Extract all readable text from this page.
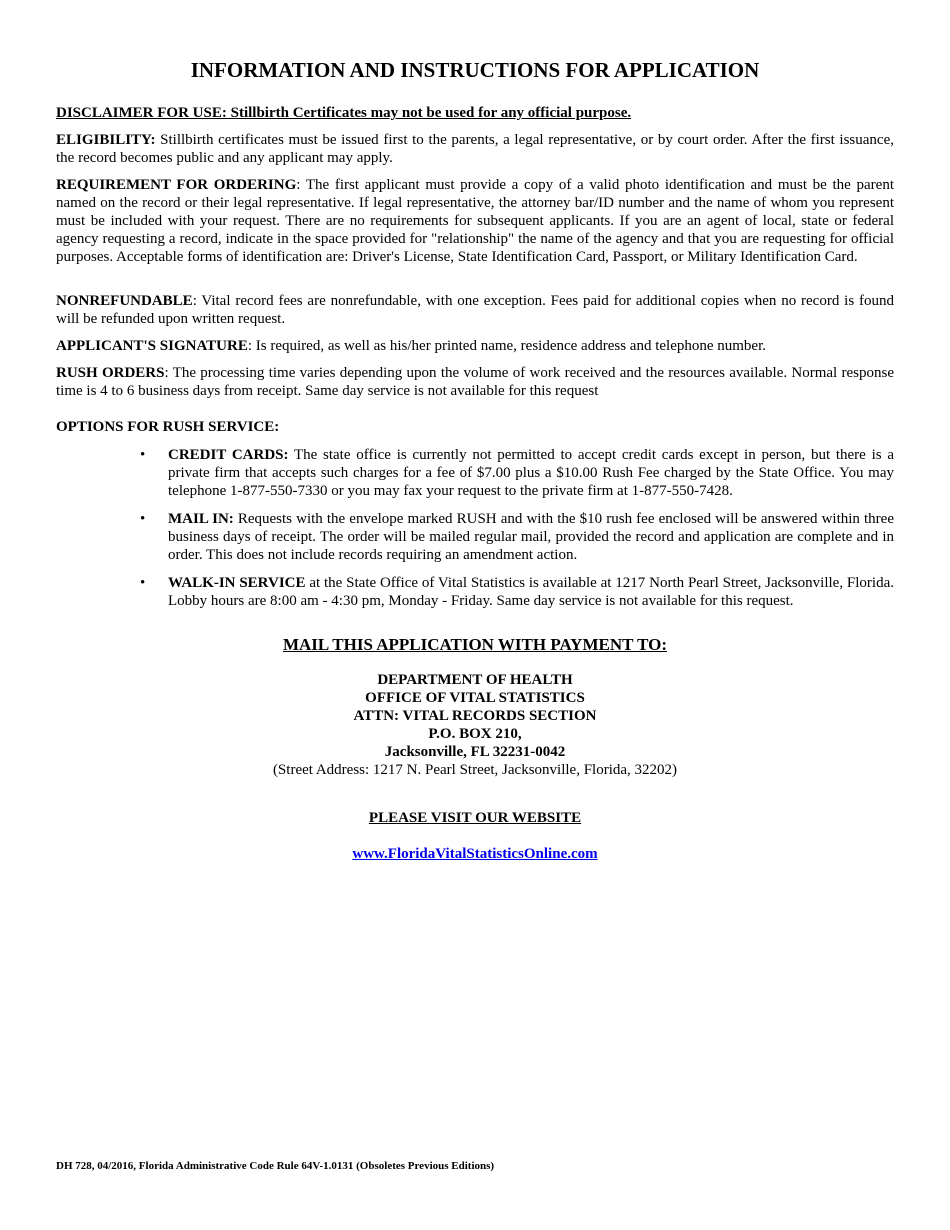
INFORMATION AND INSTRUCTIONS FOR APPLICATION

DISCLAIMER FOR USE: Stillbirth Certificates may not be used for any official purpose.

ELIGIBILITY: Stillbirth certificates must be issued first to the parents, a legal representative, or by court order. After the first issuance, the record becomes public and any applicant may apply.

REQUIREMENT FOR ORDERING: The first applicant must provide a copy of a valid photo identification and must be the parent named on the record or their legal representative. If legal representative, the attorney bar/ID number and the name of whom you represent must be included with your request. There are no requirements for subsequent applicants. If you are an agent of local, state or federal agency requesting a record, indicate in the space provided for "relationship" the name of the agency and that you are requesting for official purposes. Acceptable forms of identification are: Driver's License, State Identification Card, Passport, or Military Identification Card.

NONREFUNDABLE: Vital record fees are nonrefundable, with one exception. Fees paid for additional copies when no record is found will be refunded upon written request.

APPLICANT'S SIGNATURE: Is required, as well as his/her printed name, residence address and telephone number.

RUSH ORDERS: The processing time varies depending upon the volume of work received and the resources available. Normal response time is 4 to 6 business days from receipt. Same day service is not available for this request

OPTIONS FOR RUSH SERVICE:

• CREDIT CARDS: The state office is currently not permitted to accept credit cards except in person, but there is a private firm that accepts such charges for a fee of $7.00 plus a $10.00 Rush Fee charged by the State Office. You may telephone 1-877-550-7330 or you may fax your request to the private firm at 1-877-550-7428.
• MAIL IN: Requests with the envelope marked RUSH and with the $10 rush fee enclosed will be answered within three business days of receipt. The order will be mailed regular mail, provided the record and application are complete and in order. This does not include records requiring an amendment action.
• WALK-IN SERVICE at the State Office of Vital Statistics is available at 1217 North Pearl Street, Jacksonville, Florida. Lobby hours are 8:00 am - 4:30 pm, Monday - Friday. Same day service is not available for this request.
MAIL THIS APPLICATION WITH PAYMENT TO:
DEPARTMENT OF HEALTH
OFFICE OF VITAL STATISTICS
ATTN: VITAL RECORDS SECTION
P.O. BOX 210,
Jacksonville, FL 32231-0042
(Street Address: 1217 N. Pearl Street, Jacksonville, Florida, 32202)
PLEASE VISIT OUR WEBSITE
www.FloridaVitalStatisticsOnline.com
DH 728, 04/2016, Florida Administrative Code Rule 64V-1.0131 (Obsoletes Previous Editions)
